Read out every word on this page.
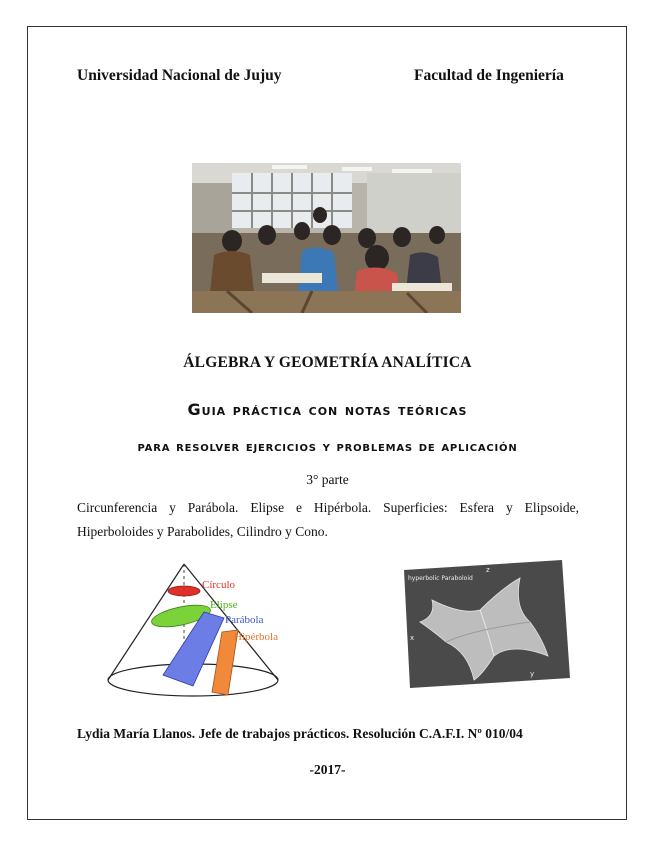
Universidad Nacional de Jujuy	Facultad de Ingeniería
ÁLGEBRA Y GEOMETRÍA ANALÍTICA
Guia práctica con notas teóricas
para resolver ejercicios y problemas de aplicación
3° parte
Circunferencia y Parábola. Elipse e Hipérbola. Superficies: Esfera y Elipsoide, Hiperboloides y Parabolides, Cilindro y Cono.
Círculo
Elipse
Parábola
Hipérbola
hyperbolic Paraboloid
z
x
y
Lydia María Llanos. Jefe de trabajos prácticos. Resolución C.A.F.I. Nº 010/04
-2017-
